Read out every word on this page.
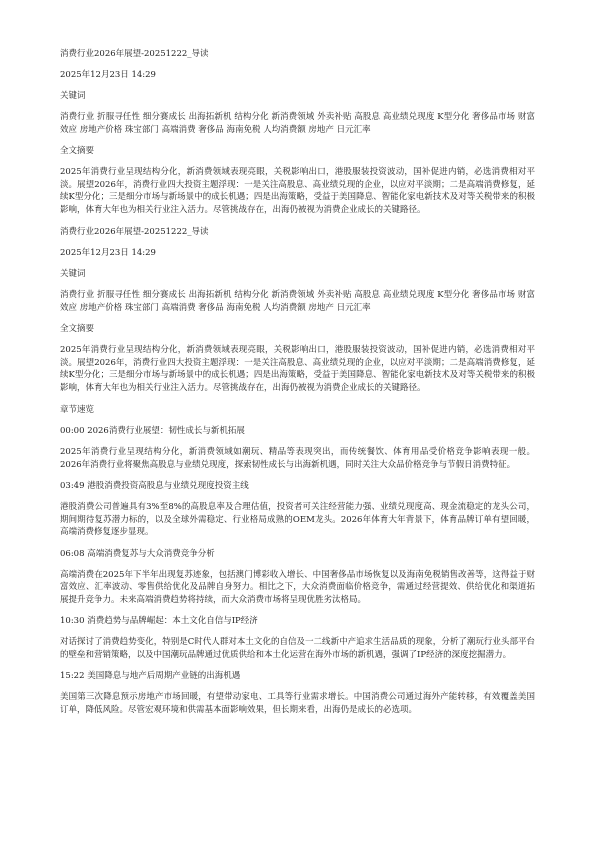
消费行业2026年展望-20251222_导读
2025年12月23日 14:29
关键词
消费行业 折服寻任性 细分赛成长 出海拓新机 结构分化 新消费领域 外卖补贴 高股息 高业绩兑现度 K型分化 奢侈品市场 财富效应 房地产价格 珠宝部门 高端消费 奢侈品 海南免税 人均消费额 房地产 日元汇率
全文摘要
2025年消费行业呈现结构分化，新消费领域表现亮眼，关税影响出口，港股服装投资波动，国补促进内销，必选消费相对平淡。展望2026年，消费行业四大投资主题浮现：一是关注高股息、高业绩兑现的企业，以应对平淡期；二是高端消费修复，延续K型分化；三是细分市场与新场景中的成长机遇；四是出海策略，受益于美国降息、智能化家电新技术及对等关税带来的积极影响，体育大年也为相关行业注入活力。尽管挑战存在，出海仍被视为消费企业成长的关键路径。
消费行业2026年展望-20251222_导读
2025年12月23日 14:29
关键词
消费行业 折服寻任性 细分赛成长 出海拓新机 结构分化 新消费领域 外卖补贴 高股息 高业绩兑现度 K型分化 奢侈品市场 财富效应 房地产价格 珠宝部门 高端消费 奢侈品 海南免税 人均消费额 房地产 日元汇率
全文摘要
2025年消费行业呈现结构分化，新消费领域表现亮眼，关税影响出口，港股服装投资波动，国补促进内销，必选消费相对平淡。展望2026年，消费行业四大投资主题浮现：一是关注高股息、高业绩兑现的企业，以应对平淡期；二是高端消费修复，延续K型分化；三是细分市场与新场景中的成长机遇；四是出海策略，受益于美国降息、智能化家电新技术及对等关税带来的积极影响，体育大年也为相关行业注入活力。尽管挑战存在，出海仍被视为消费企业成长的关键路径。
章节速览
00:00 2026消费行业展望：韧性成长与新机拓展
2025年消费行业呈现结构分化，新消费领域如潮玩、精品等表现突出，而传统餐饮、体育用品受价格竞争影响表现一般。2026年消费行业将聚焦高股息与业绩兑现度，探索韧性成长与出海新机遇，同时关注大众品价格竞争与节假日消费特征。
03:49 港股消费投资高股息与业绩兑现度投资主线
港股消费公司普遍具有3%至8%的高股息率及合理估值，投资者可关注经营能力强、业绩兑现度高、现金流稳定的龙头公司，期间期待复苏潜力标的，以及全球外需稳定、行业格局成熟的OEM龙头。2026年体育大年背景下，体育品牌订单有望回暖，高端消费修复逐步显现。
06:08 高端消费复苏与大众消费竞争分析
高端消费在2025年下半年出现复苏迹象，包括澳门博彩收入增长、中国奢侈品市场恢复以及海南免税销售改善等，这得益于财富效应、汇率波动、零售供给优化及品牌自身努力。相比之下，大众消费面临价格竞争，需通过经营提效、供给优化和渠道拓展提升竞争力。未来高端消费趋势将持续，而大众消费市场将呈现优胜劣汰格局。
10:30 消费趋势与品牌崛起：本土文化自信与IP经济
对话探讨了消费趋势变化，特别是C时代人群对本土文化的自信及一二线新中产追求生活品质的现象，分析了潮玩行业头部平台的壁垒和营销策略，以及中国潮玩品牌通过优质供给和本土化运营在海外市场的新机遇，强调了IP经济的深度挖掘潜力。
15:22 美国降息与地产后周期产业链的出海机遇
美国第三次降息预示房地产市场回暖，有望带动家电、工具等行业需求增长。中国消费公司通过海外产能转移，有效覆盖美国订单，降低风险。尽管宏观环境和供需基本面影响效果，但长期来看，出海仍是成长的必选项。
